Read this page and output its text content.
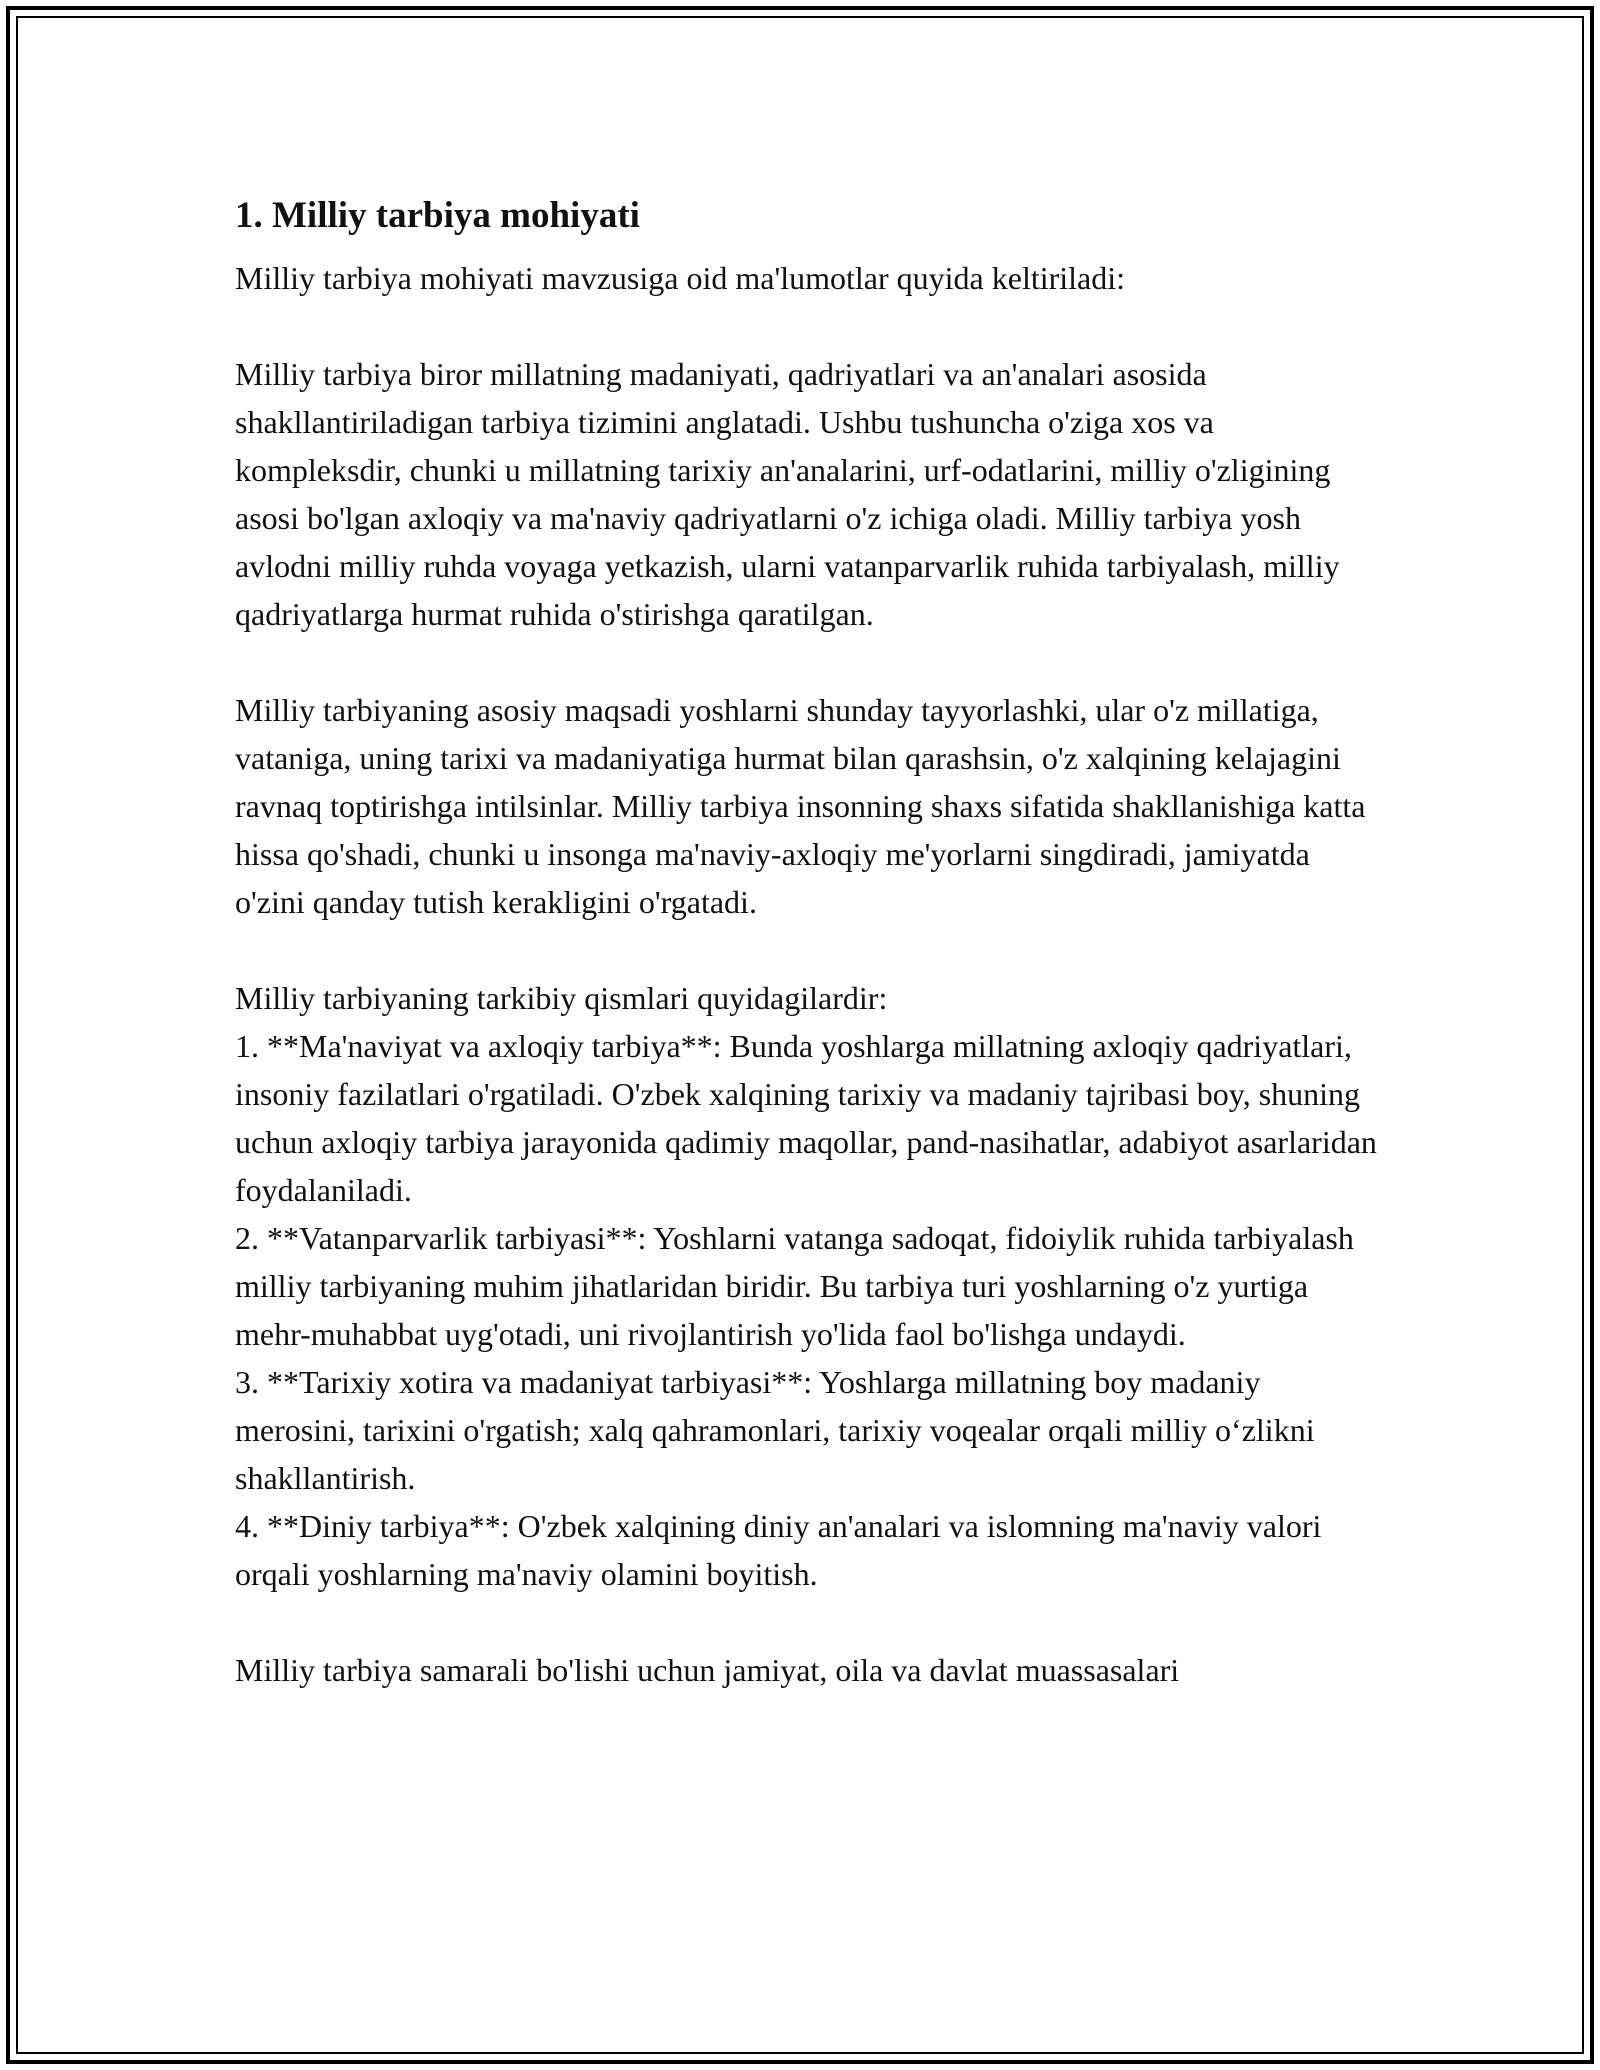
1. Milliy tarbiya mohiyati

Milliy tarbiya mohiyati mavzusiga oid ma'lumotlar quyida keltiriladi:

Milliy tarbiya biror millatning madaniyati, qadriyatlari va an'analari asosida shakllantiriladigan tarbiya tizimini anglatadi. Ushbu tushuncha o'ziga xos va kompleksdir, chunki u millatning tarixiy an'analarini, urf-odatlarini, milliy o'zligining asosi bo'lgan axloqiy va ma'naviy qadriyatlarni o'z ichiga oladi. Milliy tarbiya yosh avlodni milliy ruhda voyaga yetkazish, ularni vatanparvarlik ruhida tarbiyalash, milliy qadriyatlarga hurmat ruhida o'stirishga qaratilgan.

Milliy tarbiyaning asosiy maqsadi yoshlarni shunday tayyorlashki, ular o'z millatiga, vataniga, uning tarixi va madaniyatiga hurmat bilan qarashsin, o'z xalqining kelajagini ravnaq toptirishga intilsinlar. Milliy tarbiya insonning shaxs sifatida shakllanishiga katta hissa qo'shadi, chunki u insonga ma'naviy-axloqiy me'yorlarni singdiradi, jamiyatda o'zini qanday tutish kerakligini o'rgatadi.

Milliy tarbiyaning tarkibiy qismlari quyidagilardir:

1. **Ma'naviyat va axloqiy tarbiya**: Bunda yoshlarga millatning axloqiy qadriyatlari, insoniy fazilatlari o'rgatiladi. O'zbek xalqining tarixiy va madaniy tajribasi boy, shuning uchun axloqiy tarbiya jarayonida qadimiy maqollar, pand-nasihatlar, adabiyot asarlaridan foydalaniladi.

2. **Vatanparvarlik tarbiyasi**: Yoshlarni vatanga sadoqat, fidoiylik ruhida tarbiyalash milliy tarbiyaning muhim jihatlaridan biridir. Bu tarbiya turi yoshlarning o'z yurtiga mehr-muhabbat uyg'otadi, uni rivojlantirish yo'lida faol bo'lishga undaydi.

3. **Tarixiy xotira va madaniyat tarbiyasi**: Yoshlarga millatning boy madaniy merosini, tarixini o'rgatish; xalq qahramonlari, tarixiy voqealar orqali milliy o‘zlikni shakllantirish.

4. **Diniy tarbiya**: O'zbek xalqining diniy an'analari va islomning ma'naviy valori orqali yoshlarning ma'naviy olamini boyitish.

Milliy tarbiya samarali bo'lishi uchun jamiyat, oila va davlat muassasalari
